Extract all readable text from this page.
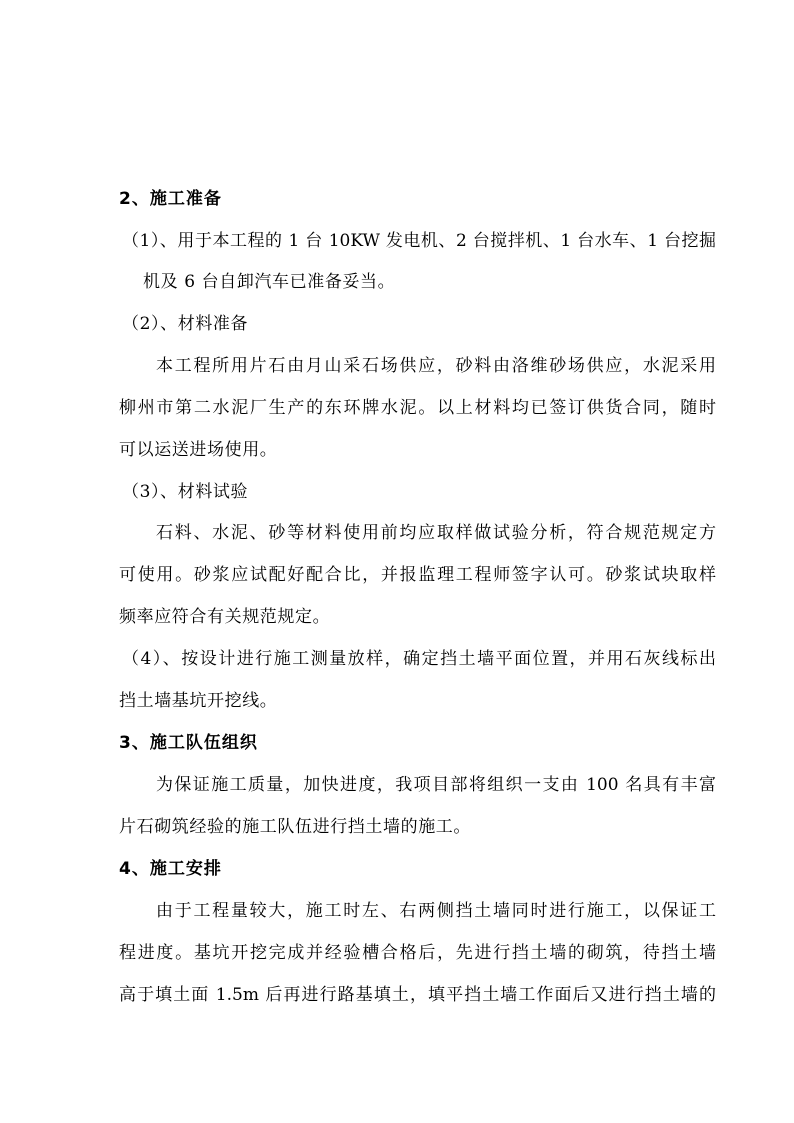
2、施工准备
（1）、用于本工程的 1 台 10KW 发电机、2 台搅拌机、1 台水车、1 台挖掘
机及 6 台自卸汽车已准备妥当。
（2）、材料准备
本工程所用片石由月山采石场供应，砂料由洛维砂场供应，水泥采用
柳州市第二水泥厂生产的东环牌水泥。以上材料均已签订供货合同，随时
可以运送进场使用。
（3）、材料试验
石料、水泥、砂等材料使用前均应取样做试验分析，符合规范规定方
可使用。砂浆应试配好配合比，并报监理工程师签字认可。砂浆试块取样
频率应符合有关规范规定。
（4）、按设计进行施工测量放样，确定挡土墙平面位置，并用石灰线标出
挡土墙基坑开挖线。
3、施工队伍组织
为保证施工质量，加快进度，我项目部将组织一支由 100 名具有丰富
片石砌筑经验的施工队伍进行挡土墙的施工。
4、施工安排
由于工程量较大，施工时左、右两侧挡土墙同时进行施工，以保证工
程进度。基坑开挖完成并经验槽合格后，先进行挡土墙的砌筑，待挡土墙
高于填土面 1.5m 后再进行路基填土，填平挡土墙工作面后又进行挡土墙的
